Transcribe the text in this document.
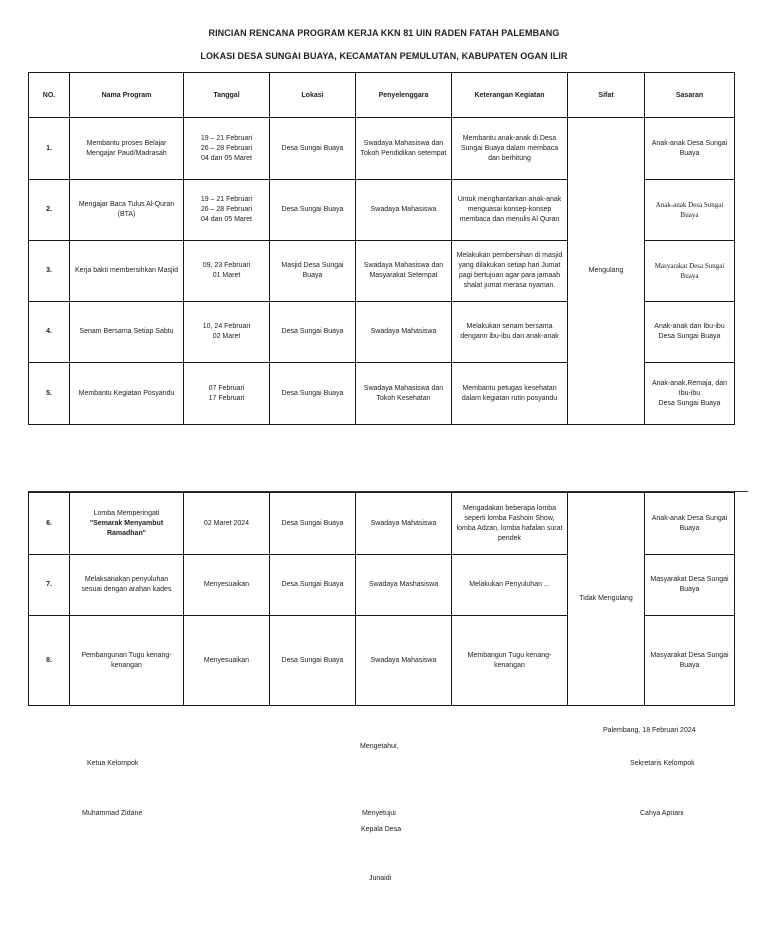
RINCIAN RENCANA PROGRAM KERJA KKN 81 UIN RADEN FATAH PALEMBANG
LOKASI DESA SUNGAI BUAYA, KECAMATAN PEMULUTAN, KABUPATEN OGAN ILIR
NO.	Nama Program	Tanggal	Lokasi	Penyelenggara	Keterangan Kegiatan	Sifat	Sasaran
1.	Membantu proses Belajar Mengajar Paud/Madrasah	19 – 21 Februari
26 – 28 Februari
04 dan 05 Maret	Desa Sungai Buaya	Swadaya Mahasiswa dan Tokoh Pendidikan setempat	Membantu anak-anak di Desa Sungai Buaya dalam membaca dan berhitung	Mengulang	Anak-anak Desa Sungai Buaya
2.	Mengajar Baca Tulus Al-Quran (BTA)	19 – 21 Februari
26 – 28 Februari
04 dan 05 Maret	Desa Sungai Buaya	Swadaya Mahasiswa	Untuk menghantarkan anak-anak menguasai konsep-konsep membaca dan menulis Al Quran		Anak-anak Desa Sungai Buaya
3.	Kerja bakti membersihkan Masjid	09, 23 Februari
01 Maret	Masjid Desa Sungai Buaya	Swadaya Mahasiswa dan Masyarakat Setempat	Melakukan pembersihan di masjid yang dilakukan setiap hari Jumat pagi bertujuan agar para jamaah shalat jumat merasa nyaman.		Masyarakat Desa Sungai Buaya
4.	Senam Bersama Setiap Sabtu	10, 24 Februari
02 Maret	Desa Sungai Buaya	Swadaya Mahasiswa	Melakukan senam bersama dengann ibu-ibu dan anak-anak		Anak-anak dan Ibu-ibu Desa Sungai Buaya
5.	Membantu Kegiatan Posyandu	07 Februari
17 Februari	Desa Sungai Buaya	Swadaya Mahasiswa dan Tokoh Kesehatan	Membantu petugas kesehatan dalam kegiatan rutin posyandu		Anak-anak,Remaja, dan Ibu-ibu
Desa Sungai Buaya
6.	Lomba Memperingati
"Semarak Menyambut Ramadhan"	02 Maret 2024	Desa Sungai Buaya	Swadaya Mahasiswa	Mengadakan beberapa lomba seperti lomba Fashoin Show, lomba Adzan, lomba hafalan surat pendek	Tidak Mengulang	Anak-anak Desa Sungai Buaya
7.	Melaksanakan penyuluhan sesuai dengan arahan kades	Menyesuaikan	Desa Sungai Buaya	Swadaya Mashasiswa	Melakukan Penyuluhan ...		Masyarakat Desa Sungai Buaya
8.	Pembangunan Tugu kenang-kenangan	Menyesuaikan	Desa Sungai Buaya	Swadaya Mahasiswa	Membangun Tugu kenang-kenangan		Masyarakat Desa Sungai Buaya
Palembang, 18 Februari 2024
Mengetahui,
Ketua Kelompok	Sekretaris Kelompok
Muhammad Zidane	Menyetujui	Cahya Apriani
Kepala Desa
Junaidi
